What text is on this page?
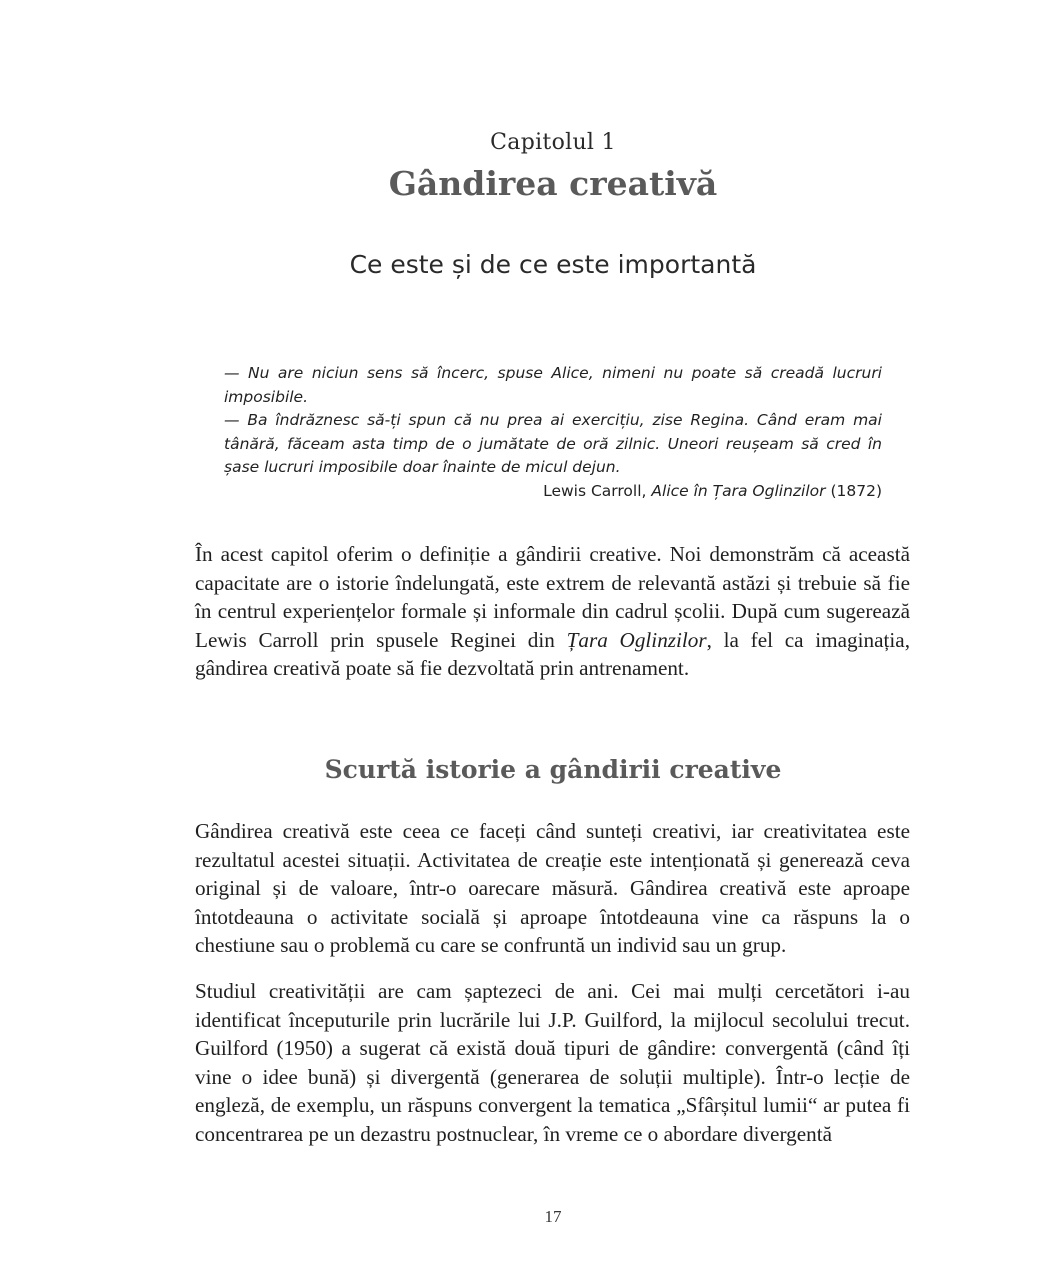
Capitolul 1
Gândirea creativă
Ce este și de ce este importantă

— Nu are niciun sens să încerc, spuse Alice, nimeni nu poate să creadă lucruri imposibile.

— Ba îndrăznesc să-ți spun că nu prea ai exercițiu, zise Regina. Când eram mai tânără, făceam asta timp de o jumătate de oră zilnic. Uneori reușeam să cred în șase lucruri imposibile doar înainte de micul dejun.

Lewis Carroll, Alice în Țara Oglinzilor (1872)

În acest capitol oferim o definiție a gândirii creative. Noi demonstrăm că această capacitate are o istorie îndelungată, este extrem de relevantă astăzi și trebuie să fie în centrul experiențelor formale și informale din cadrul școlii. După cum sugerează Lewis Carroll prin spusele Reginei din Țara Oglinzilor, la fel ca imaginația, gândirea creativă poate să fie dezvoltată prin antrenament.

Scurtă istorie a gândirii creative

Gândirea creativă este ceea ce faceți când sunteți creativi, iar creativitatea este rezultatul acestei situații. Activitatea de creație este intenționată și generează ceva original și de valoare, într-o oarecare măsură. Gândirea creativă este aproape întotdeauna o activitate socială și aproape întotdeauna vine ca răspuns la o chestiune sau o problemă cu care se confruntă un individ sau un grup.

Studiul creativității are cam șaptezeci de ani. Cei mai mulți cercetători i-au identificat începuturile prin lucrările lui J.P. Guilford, la mijlocul secolului trecut. Guilford (1950) a sugerat că există două tipuri de gândire: convergentă (când îți vine o idee bună) și divergentă (generarea de soluții multiple). Într-o lecție de engleză, de exemplu, un răspuns convergent la tematica „Sfârșitul lumii“ ar putea fi concentrarea pe un dezastru postnuclear, în vreme ce o abordare divergentă

17
